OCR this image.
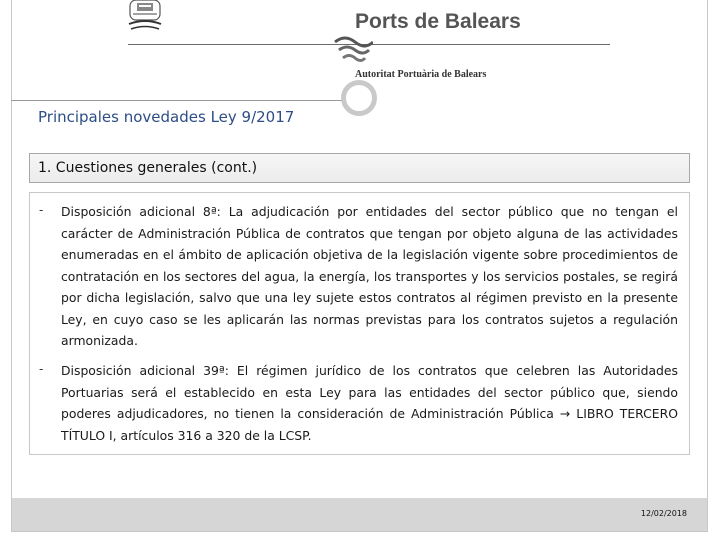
Ports de Balears
Autoritat Portuària de Balears
Principales novedades Ley 9/2017
1. Cuestiones generales (cont.)
- Disposición adicional 8ª: La adjudicación por entidades del sector público que no tengan el carácter de Administración Pública de contratos que tengan por objeto alguna de las actividades enumeradas en el ámbito de aplicación objetiva de la legislación vigente sobre procedimientos de contratación en los sectores del agua, la energía, los transportes y los servicios postales, se regirá por dicha legislación, salvo que una ley sujete estos contratos al régimen previsto en la presente Ley, en cuyo caso se les aplicarán las normas previstas para los contratos sujetos a regulación armonizada.

- Disposición adicional 39ª: El régimen jurídico de los contratos que celebren las Autoridades Portuarias será el establecido en esta Ley para las entidades del sector público que, siendo poderes adjudicadores, no tienen la consideración de Administración Pública → LIBRO TERCERO TÍTULO I, artículos 316 a 320 de la LCSP.

12/02/2018
